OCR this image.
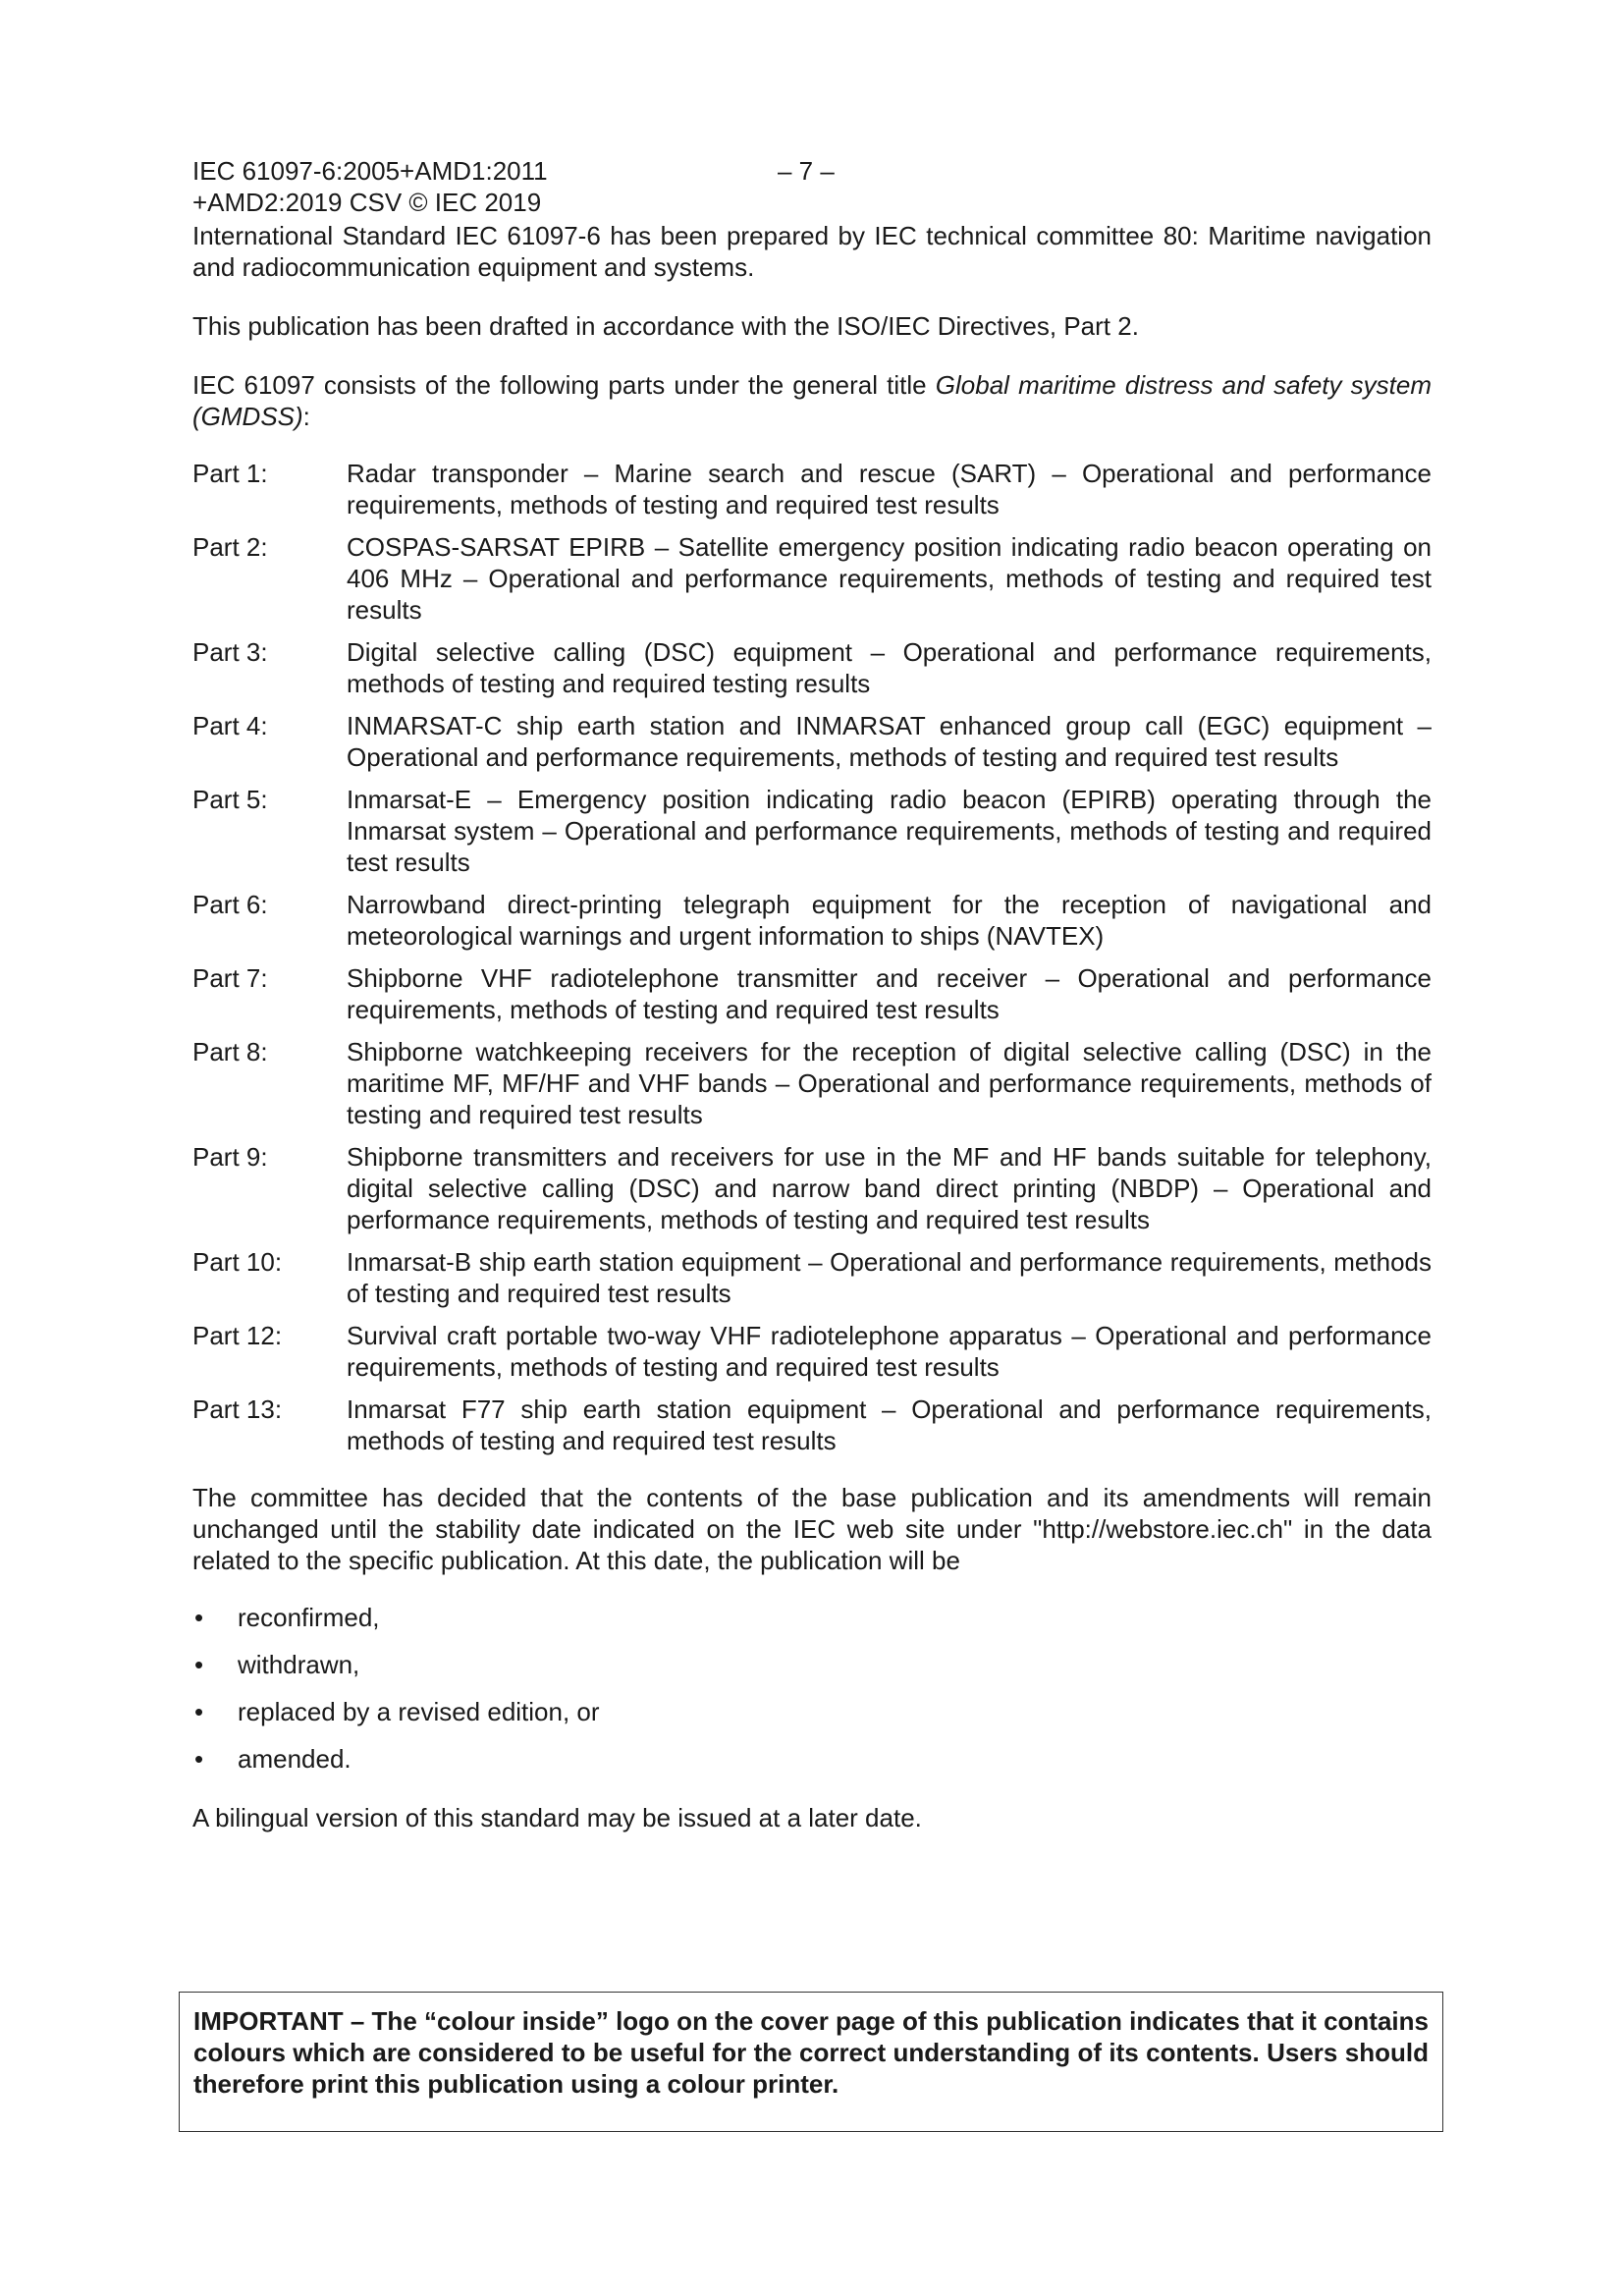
IEC 61097-6:2005+AMD1:2011
+AMD2:2019 CSV © IEC 2019
– 7 –

International Standard IEC 61097-6 has been prepared by IEC technical committee 80: Maritime navigation and radiocommunication equipment and systems.

This publication has been drafted in accordance with the ISO/IEC Directives, Part 2.

IEC 61097 consists of the following parts under the general title Global maritime distress and safety system (GMDSS):

Part 1:	Radar transponder – Marine search and rescue (SART) – Operational and performance requirements, methods of testing and required test results
Part 2:	COSPAS-SARSAT EPIRB – Satellite emergency position indicating radio beacon operating on 406 MHz – Operational and performance requirements, methods of testing and required test results
Part 3:	Digital selective calling (DSC) equipment – Operational and performance requirements, methods of testing and required testing results
Part 4:	INMARSAT-C ship earth station and INMARSAT enhanced group call (EGC) equipment – Operational and performance requirements, methods of testing and required test results
Part 5:	Inmarsat-E – Emergency position indicating radio beacon (EPIRB) operating through the Inmarsat system – Operational and performance requirements, methods of testing and required test results
Part 6:	Narrowband direct-printing telegraph equipment for the reception of navigational and meteorological warnings and urgent information to ships (NAVTEX)
Part 7:	Shipborne VHF radiotelephone transmitter and receiver – Operational and performance requirements, methods of testing and required test results
Part 8:	Shipborne watchkeeping receivers for the reception of digital selective calling (DSC) in the maritime MF, MF/HF and VHF bands – Operational and performance requirements, methods of testing and required test results
Part 9:	Shipborne transmitters and receivers for use in the MF and HF bands suitable for telephony, digital selective calling (DSC) and narrow band direct printing (NBDP) – Operational and performance requirements, methods of testing and required test results
Part 10:	Inmarsat-B ship earth station equipment – Operational and performance requirements, methods of testing and required test results
Part 12:	Survival craft portable two-way VHF radiotelephone apparatus – Operational and performance requirements, methods of testing and required test results
Part 13:	Inmarsat F77 ship earth station equipment – Operational and performance requirements, methods of testing and required test results

The committee has decided that the contents of the base publication and its amendments will remain unchanged until the stability date indicated on the IEC web site under "http://webstore.iec.ch" in the data related to the specific publication. At this date, the publication will be

• reconfirmed,
• withdrawn,
• replaced by a revised edition, or
• amended.

A bilingual version of this standard may be issued at a later date.

IMPORTANT – The “colour inside” logo on the cover page of this publication indicates that it contains colours which are considered to be useful for the correct understanding of its contents. Users should therefore print this publication using a colour printer.
